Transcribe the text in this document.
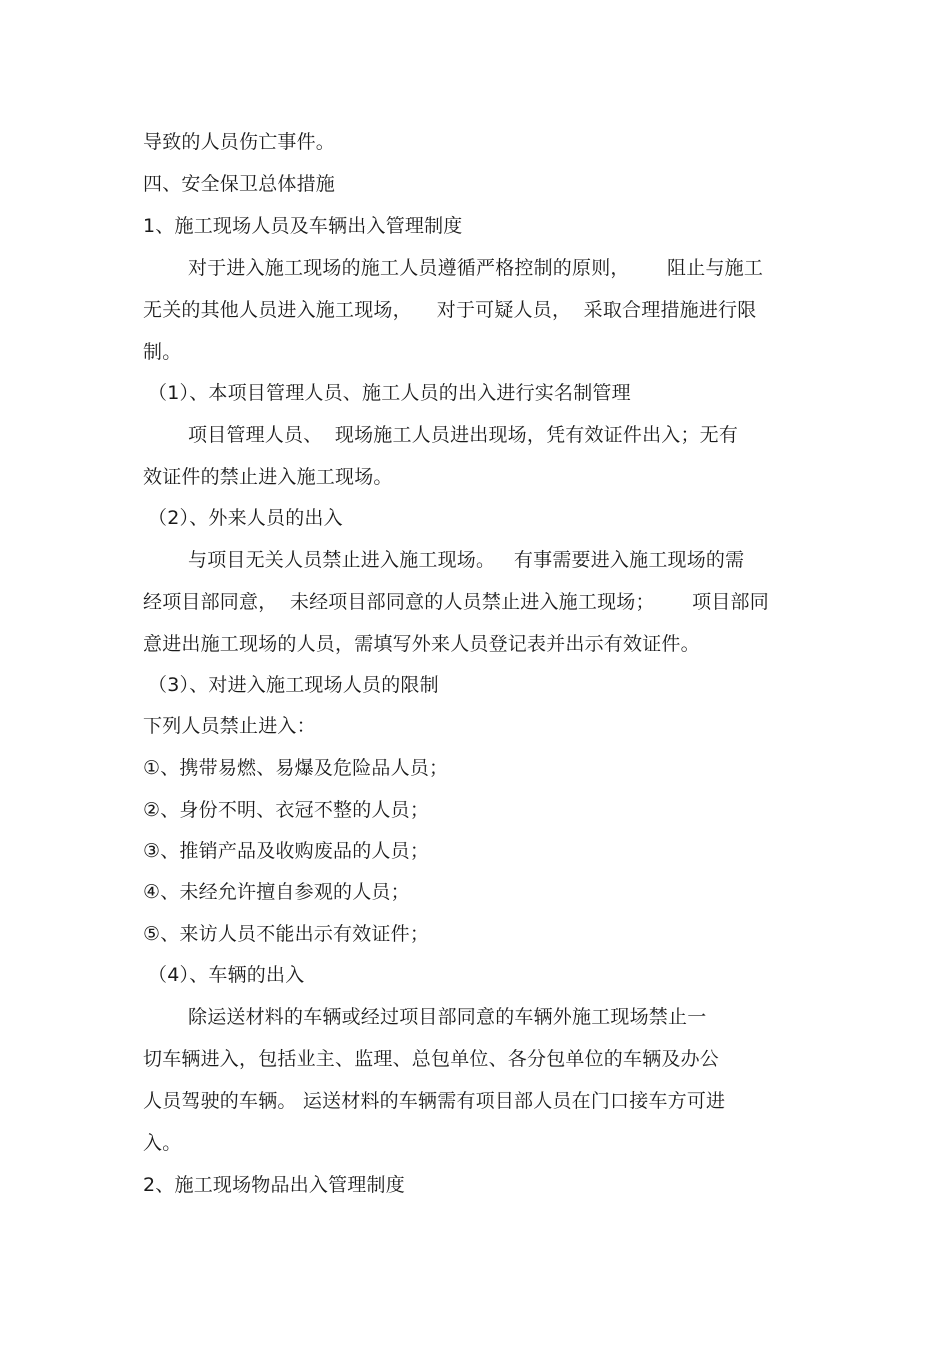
导致的人员伤亡事件。
四、安全保卫总体措施
1、施工现场人员及车辆出入管理制度
对于进入施工现场的施工人员遵循严格控制的原则，      阻止与施工
无关的其他人员进入施工现场，    对于可疑人员，  采取合理措施进行限
制。
（1）、本项目管理人员、施工人员的出入进行实名制管理
项目管理人员、  现场施工人员进出现场，凭有效证件出入；无有
效证件的禁止进入施工现场。
（2）、外来人员的出入
与项目无关人员禁止进入施工现场。   有事需要进入施工现场的需
经项目部同意，  未经项目部同意的人员禁止进入施工现场；      项目部同
意进出施工现场的人员，需填写外来人员登记表并出示有效证件。
（3）、对进入施工现场人员的限制
下列人员禁止进入：
①、携带易燃、易爆及危险品人员；
②、身份不明、衣冠不整的人员；
③、推销产品及收购废品的人员；
④、未经允许擅自参观的人员；
⑤、来访人员不能出示有效证件；
（4）、车辆的出入
除运送材料的车辆或经过项目部同意的车辆外施工现场禁止一
切车辆进入，包括业主、监理、总包单位、各分包单位的车辆及办公
人员驾驶的车辆。 运送材料的车辆需有项目部人员在门口接车方可进
入。
2、施工现场物品出入管理制度
